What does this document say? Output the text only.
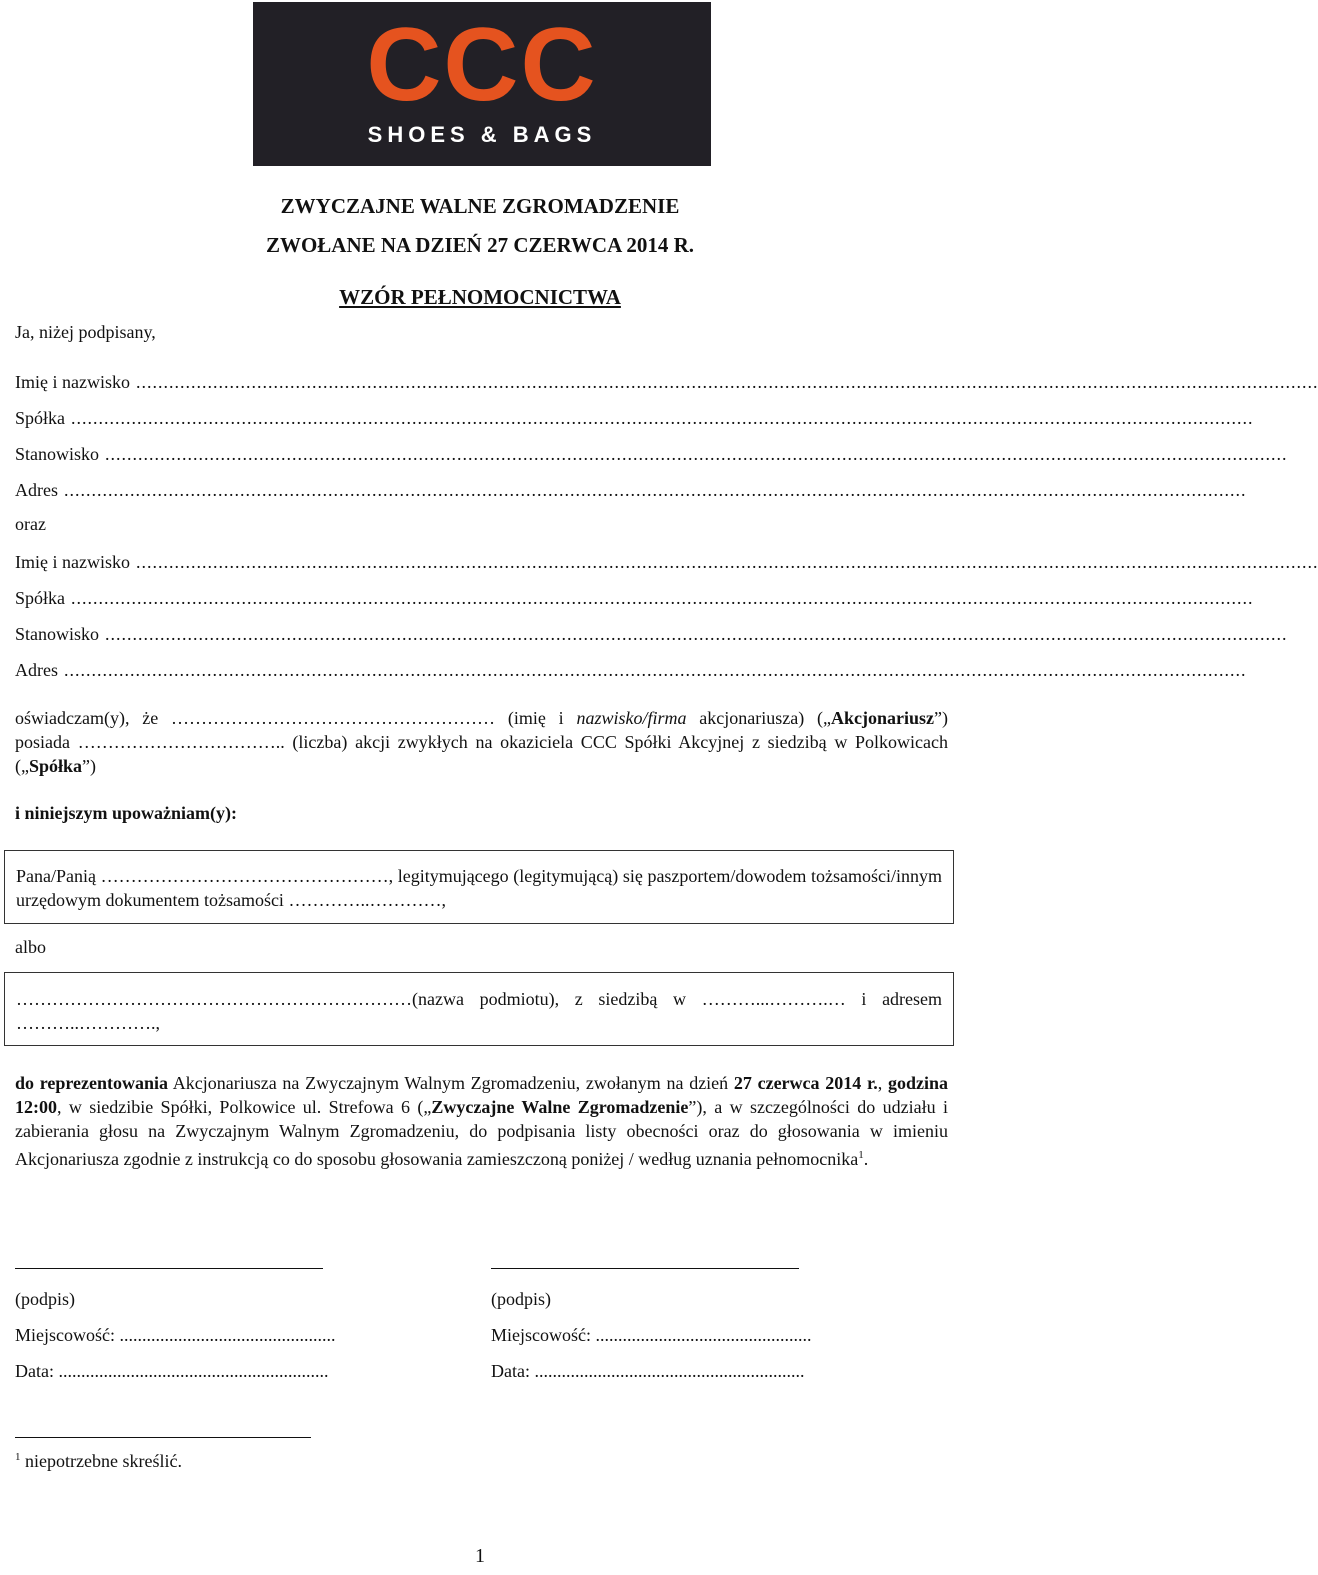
CCC
SHOES & BAGS
ZWYCZAJNE WALNE ZGROMADZENIE
ZWOŁANE NA DZIEŃ 27 CZERWCA 2014 R.
WZÓR PEŁNOMOCNICTWA
Ja, niżej podpisany,
Imię i nazwisko .......................................................................................................................................................................................................................
Spółka .......................................................................................................................................................................................................................
Stanowisko .......................................................................................................................................................................................................................
Adres .......................................................................................................................................................................................................................
oraz
Imię i nazwisko .......................................................................................................................................................................................................................
Spółka .......................................................................................................................................................................................................................
Stanowisko .......................................................................................................................................................................................................................
Adres .......................................................................................................................................................................................................................
oświadczam(y), że ……………………………………………… (imię i nazwisko/firma akcjonariusza) („Akcjonariusz”) posiada …………………………….. (liczba) akcji zwykłych na okaziciela CCC Spółki Akcyjnej z siedzibą w Polkowicach („Spółka”)
i niniejszym upoważniam(y):
Pana/Panią …………………………………………, legitymującego (legitymującą) się paszportem/dowodem tożsamości/innym urzędowym dokumentem tożsamości …………..…………,
albo
…………………………………………………………(nazwa podmiotu), z siedzibą w ………...……….… i adresem ………..………….,
do reprezentowania Akcjonariusza na Zwyczajnym Walnym Zgromadzeniu, zwołanym na dzień 27 czerwca 2014 r., godzina 12:00, w siedzibie Spółki, Polkowice ul. Strefowa 6 („Zwyczajne Walne Zgromadzenie”), a w szczególności do udziału i zabierania głosu na Zwyczajnym Walnym Zgromadzeniu, do podpisania listy obecności oraz do głosowania w imieniu Akcjonariusza zgodnie z instrukcją co do sposobu głosowania zamieszczoną poniżej / według uznania pełnomocnika$^1$.
(podpis)
Miejscowość: ................................................
Data: ............................................................
(podpis)
Miejscowość: ................................................
Data: ............................................................
$^1$ niepotrzebne skreślić.
1
